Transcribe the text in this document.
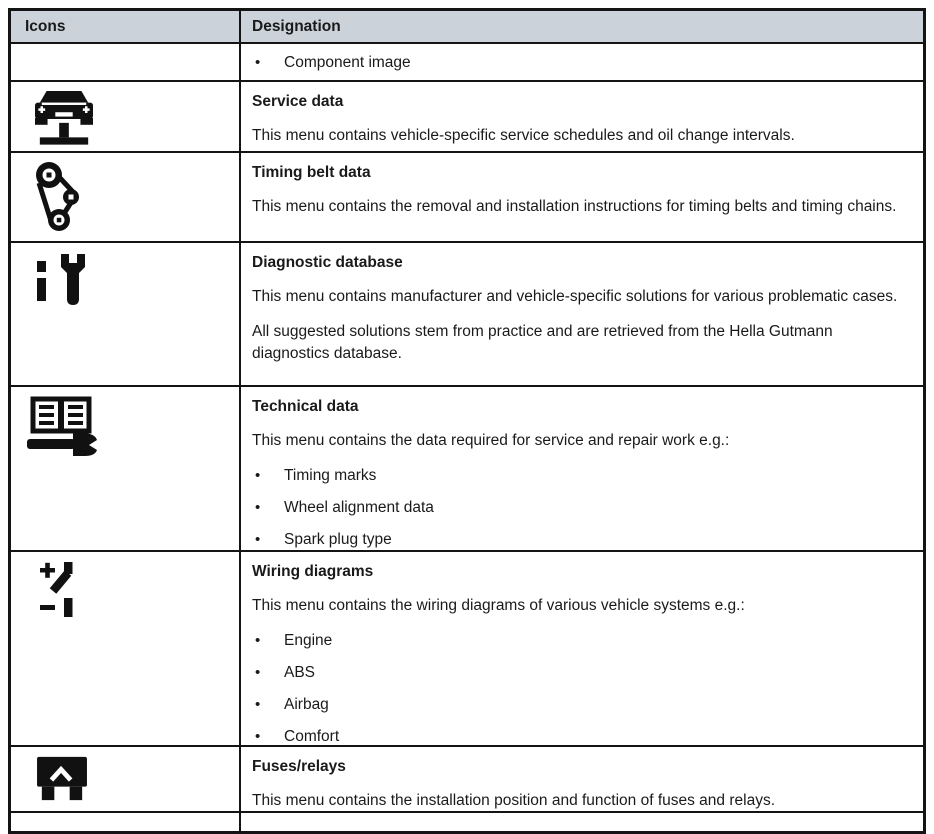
Icons	Designation
• Component image
Service data

This menu contains vehicle-specific service schedules and oil change intervals.

Timing belt data

This menu contains the removal and installation instructions for timing belts and timing chains.

Diagnostic database

This menu contains manufacturer and vehicle-specific solutions for various problematic cases.

All suggested solutions stem from practice and are retrieved from the Hella Gutmann diagnostics database.

Technical data

This menu contains the data required for service and repair work e.g.:

• Timing marks
• Wheel alignment data
• Spark plug type
Wiring diagrams

This menu contains the wiring diagrams of various vehicle systems e.g.:

• Engine
• ABS
• Airbag
• Comfort
Fuses/relays

This menu contains the installation position and function of fuses and relays.
